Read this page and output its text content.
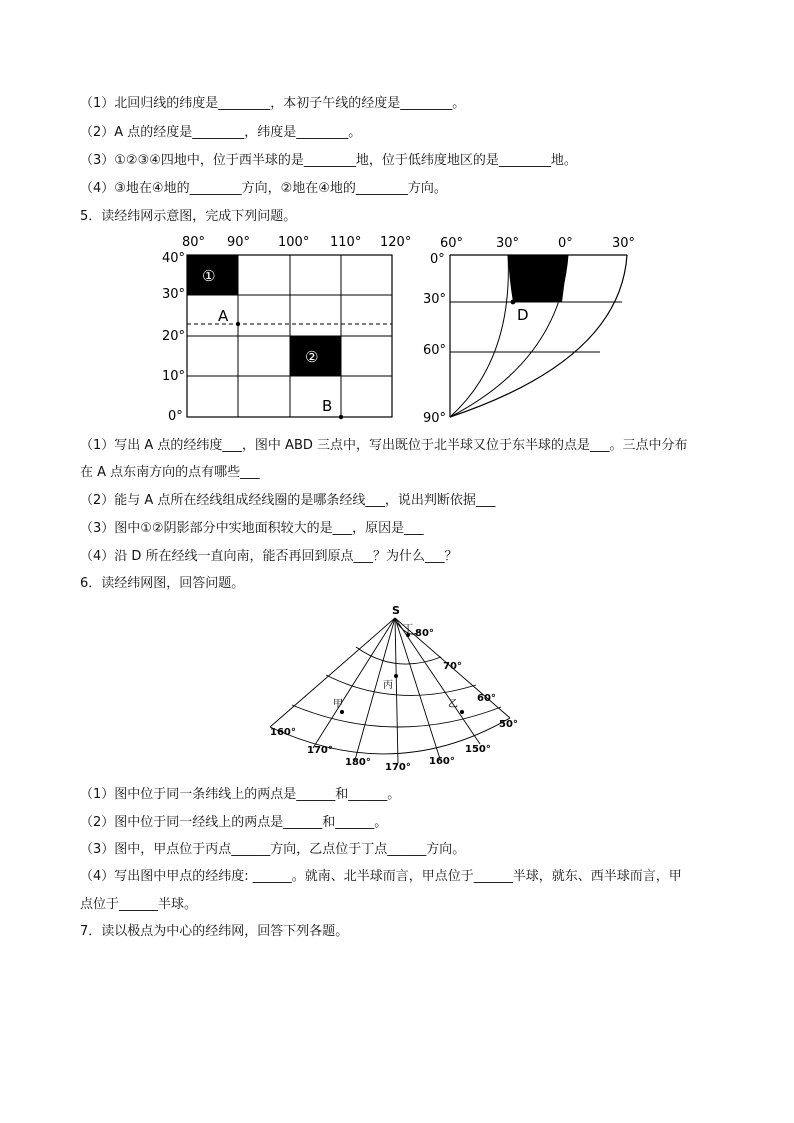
（1）北回归线的纬度是________，本初子午线的经度是________。
（2）A 点的经度是________，纬度是________。
（3）①②③④四地中，位于西半球的是________地，位于低纬度地区的是________地。
（4）③地在④地的________方向，②地在④地的________方向。
5．读经纬网示意图，完成下列问题。
80° 90° 100° 110° 120°
40°
30°
20°
10°
0°
①
②
A
B
60°	30°	0°	30°
0°
30°
60°
90°
D
（1）写出 A 点的经纬度___，图中 ABD 三点中，写出既位于北半球又位于东半球的点是___。三点中分布
在 A 点东南方向的点有哪些___
（2）能与 A 点所在经线组成经线圈的是哪条经线___，说出判断依据___
（3）图中①②阴影部分中实地面积较大的是___，原因是___
（4）沿 D 所在经线一直向南，能否再回到原点___？为什么___？
6．读经纬网图，回答问题。
S
80°
70°
60°
50°
160°
170°
180° 170°
160°
150°
丁
丙
甲	乙
（1）图中位于同一条纬线上的两点是______和______。
（2）图中位于同一经线上的两点是______和______。
（3）图中，甲点位于丙点______方向，乙点位于丁点______方向。
（4）写出图中甲点的经纬度: ______。就南、北半球而言，甲点位于______半球，就东、西半球而言，甲
点位于______半球。
7．读以极点为中心的经纬网，回答下列各题。
